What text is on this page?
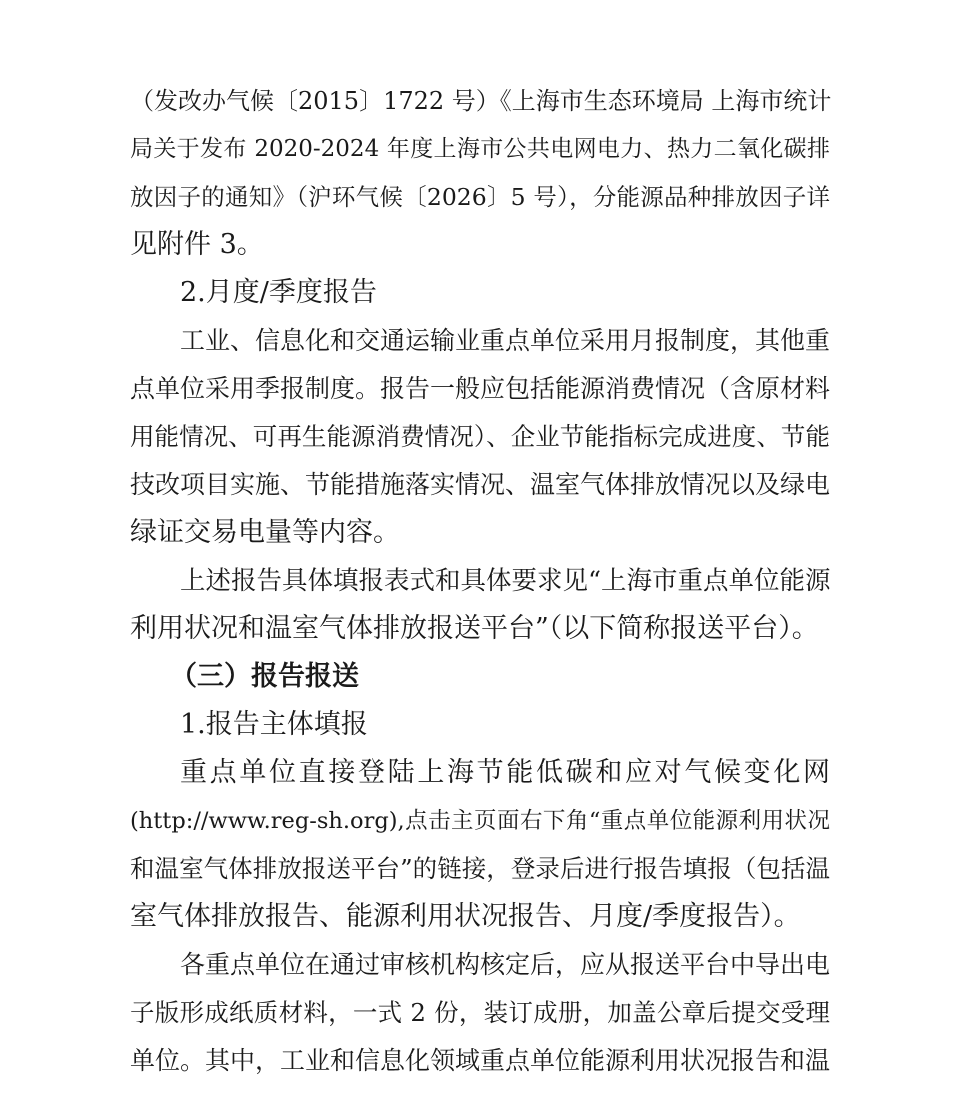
（发改办气候〔2015〕1722 号）《上海市生态环境局 上海市统计
局关于发布 2020-2024 年度上海市公共电网电力、热力二氧化碳排
放因子的通知》（沪环气候〔2026〕5 号），分能源品种排放因子详
见附件 3。
2.月度/季度报告
工业、信息化和交通运输业重点单位采用月报制度，其他重
点单位采用季报制度。报告一般应包括能源消费情况（含原材料
用能情况、可再生能源消费情况）、企业节能指标完成进度、节能
技改项目实施、节能措施落实情况、温室气体排放情况以及绿电
绿证交易电量等内容。
上述报告具体填报表式和具体要求见“上海市重点单位能源
利用状况和温室气体排放报送平台”（以下简称报送平台）。
（三）报告报送
1.报告主体填报
重点单位直接登陆上海节能低碳和应对气候变化网
(http://www.reg-sh.org),点击主页面右下角“重点单位能源利用状况
和温室气体排放报送平台”的链接，登录后进行报告填报（包括温
室气体排放报告、能源利用状况报告、月度/季度报告）。
各重点单位在通过审核机构核定后，应从报送平台中导出电
子版形成纸质材料，一式 2 份，装订成册，加盖公章后提交受理
单位。其中，工业和信息化领域重点单位能源利用状况报告和温
